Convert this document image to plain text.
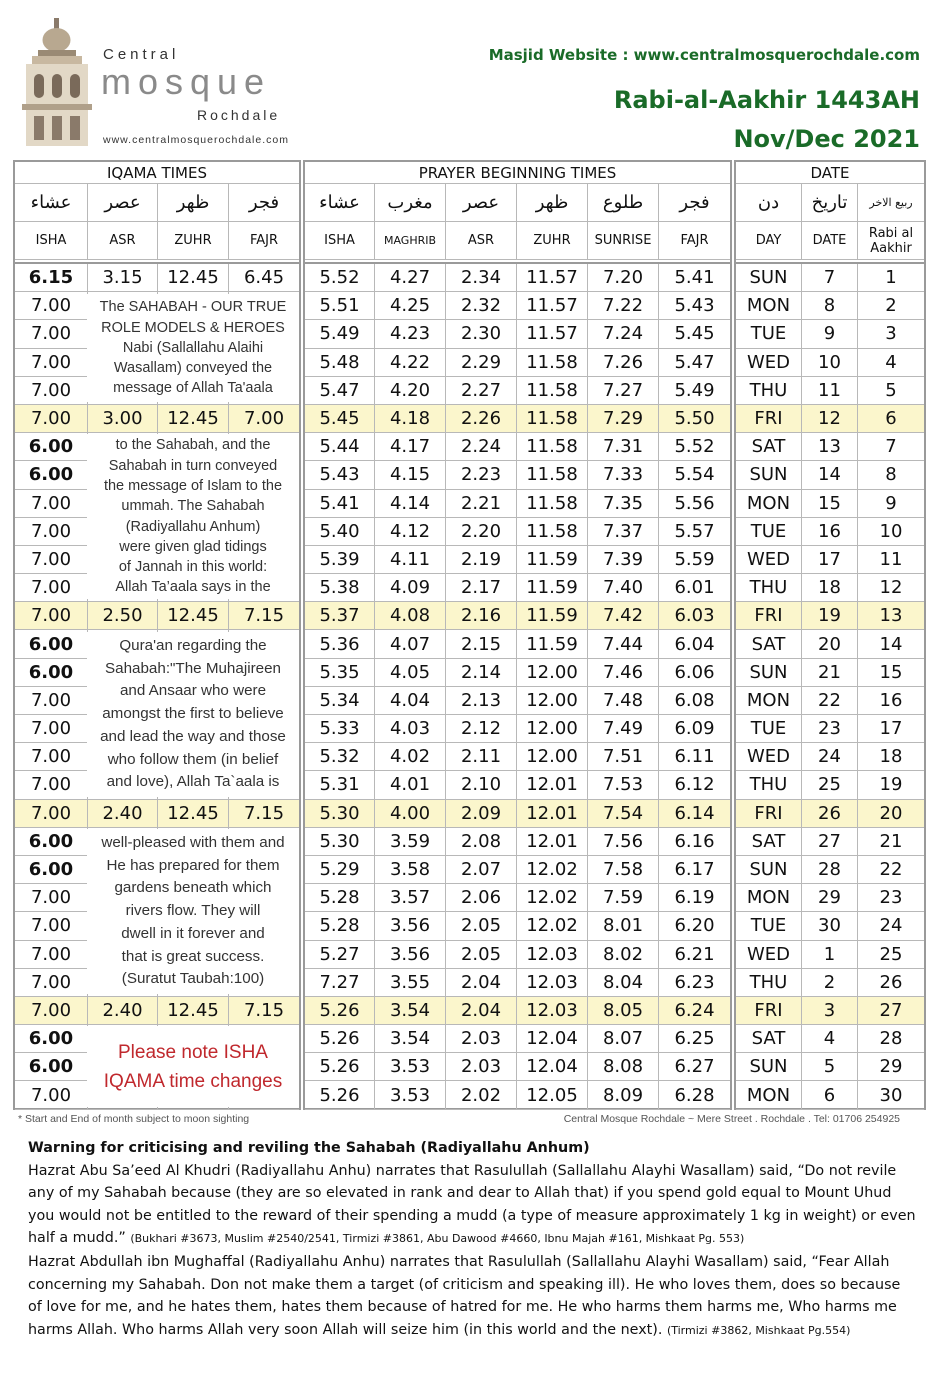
Central
mosque
Rochdale
www.centralmosquerochdale.com
Masjid Website : www.centralmosquerochdale.com
Rabi-al-Aakhir 1443AH
Nov/Dec 2021
IQAMA TIMES
عشاء	عصر	ظهر	فجر
ISHA	ASR	ZUHR	FAJR
6.15	3.15	12.45	6.45
7.00
7.00
7.00
7.00
7.00	3.00	12.45	7.00
6.00
6.00
7.00
7.00
7.00
7.00
7.00	2.50	12.45	7.15
6.00
6.00
7.00
7.00
7.00
7.00
7.00	2.40	12.45	7.15
6.00
6.00
7.00
7.00
7.00
7.00
7.00	2.40	12.45	7.15
6.00
6.00
7.00
PRAYER BEGINNING TIMES
عشاء	مغرب	عصر	ظهر	طلوع	فجر
ISHA	MAGHRIB	ASR	ZUHR	SUNRISE	FAJR
5.52	4.27	2.34	11.57	7.20	5.41
5.51	4.25	2.32	11.57	7.22	5.43
5.49	4.23	2.30	11.57	7.24	5.45
5.48	4.22	2.29	11.58	7.26	5.47
5.47	4.20	2.27	11.58	7.27	5.49
5.45	4.18	2.26	11.58	7.29	5.50
5.44	4.17	2.24	11.58	7.31	5.52
5.43	4.15	2.23	11.58	7.33	5.54
5.41	4.14	2.21	11.58	7.35	5.56
5.40	4.12	2.20	11.58	7.37	5.57
5.39	4.11	2.19	11.59	7.39	5.59
5.38	4.09	2.17	11.59	7.40	6.01
5.37	4.08	2.16	11.59	7.42	6.03
5.36	4.07	2.15	11.59	7.44	6.04
5.35	4.05	2.14	12.00	7.46	6.06
5.34	4.04	2.13	12.00	7.48	6.08
5.33	4.03	2.12	12.00	7.49	6.09
5.32	4.02	2.11	12.00	7.51	6.11
5.31	4.01	2.10	12.01	7.53	6.12
5.30	4.00	2.09	12.01	7.54	6.14
5.30	3.59	2.08	12.01	7.56	6.16
5.29	3.58	2.07	12.02	7.58	6.17
5.28	3.57	2.06	12.02	7.59	6.19
5.28	3.56	2.05	12.02	8.01	6.20
5.27	3.56	2.05	12.03	8.02	6.21
7.27	3.55	2.04	12.03	8.04	6.23
5.26	3.54	2.04	12.03	8.05	6.24
5.26	3.54	2.03	12.04	8.07	6.25
5.26	3.53	2.03	12.04	8.08	6.27
5.26	3.53	2.02	12.05	8.09	6.28
DATE
دن	تاریخ	ربیع الاخر
DAY	DATE	Rabi al Aakhir
SUN	7	1
MON	8	2
TUE	9	3
WED	10	4
THU	11	5
FRI	12	6
SAT	13	7
SUN	14	8
MON	15	9
TUE	16	10
WED	17	11
THU	18	12
FRI	19	13
SAT	20	14
SUN	21	15
MON	22	16
TUE	23	17
WED	24	18
THU	25	19
FRI	26	20
SAT	27	21
SUN	28	22
MON	29	23
TUE	30	24
WED	1	25
THU	2	26
FRI	3	27
SAT	4	28
SUN	5	29
MON	6	30
The SAHABAH - OUR TRUE
ROLE MODELS & HEROES
Nabi (Sallallahu Alaihi
Wasallam) conveyed the
message of Allah Ta'aala
to the Sahabah, and the
Sahabah in turn conveyed
the message of Islam to the
ummah. The Sahabah
(Radiyallahu Anhum)
were given glad tidings
of Jannah in this world:
Allah Ta’aala says in the
Qura'an regarding the
Sahabah:"The Muhajireen
and Ansaar who were
amongst the first to believe
and lead the way and those
who follow them (in belief
and love), Allah Ta`aala is
well-pleased with them and
He has prepared for them
gardens beneath which
rivers flow. They will
dwell in it forever and
that is great success.
(Suratut Taubah:100)
Please note ISHA
IQAMA time changes
* Start and End of month subject to moon sighting	Central Mosque Rochdale ~ Mere Street . Rochdale . Tel: 01706 254925
Warning for criticising and reviling the Sahabah (Radiyallahu Anhum)
Hazrat Abu Sa’eed Al Khudri (Radiyallahu Anhu) narrates that Rasulullah (Sallallahu Alayhi Wasallam) said, “Do not revile any of my Sahabah because (they are so elevated in rank and dear to Allah that) if you spend gold equal to Mount Uhud you would not be entitled to the reward of their spending a mudd (a type of measure approximately 1 kg in weight) or even half a mudd.” (Bukhari #3673, Muslim #2540/2541, Tirmizi #3861, Abu Dawood #4660, Ibnu Majah #161, Mishkaat Pg. 553)
Hazrat Abdullah ibn Mughaffal (Radiyallahu Anhu) narrates that Rasulullah (Sallallahu Alayhi Wasallam) said, “Fear Allah concerning my Sahabah. Don not make them a target (of criticism and speaking ill). He who loves them, does so because of love for me, and he hates them, hates them because of hatred for me. He who harms them harms me, Who harms me harms Allah. Who harms Allah very soon Allah will seize him (in this world and the next). (Tirmizi #3862, Mishkaat Pg.554)
